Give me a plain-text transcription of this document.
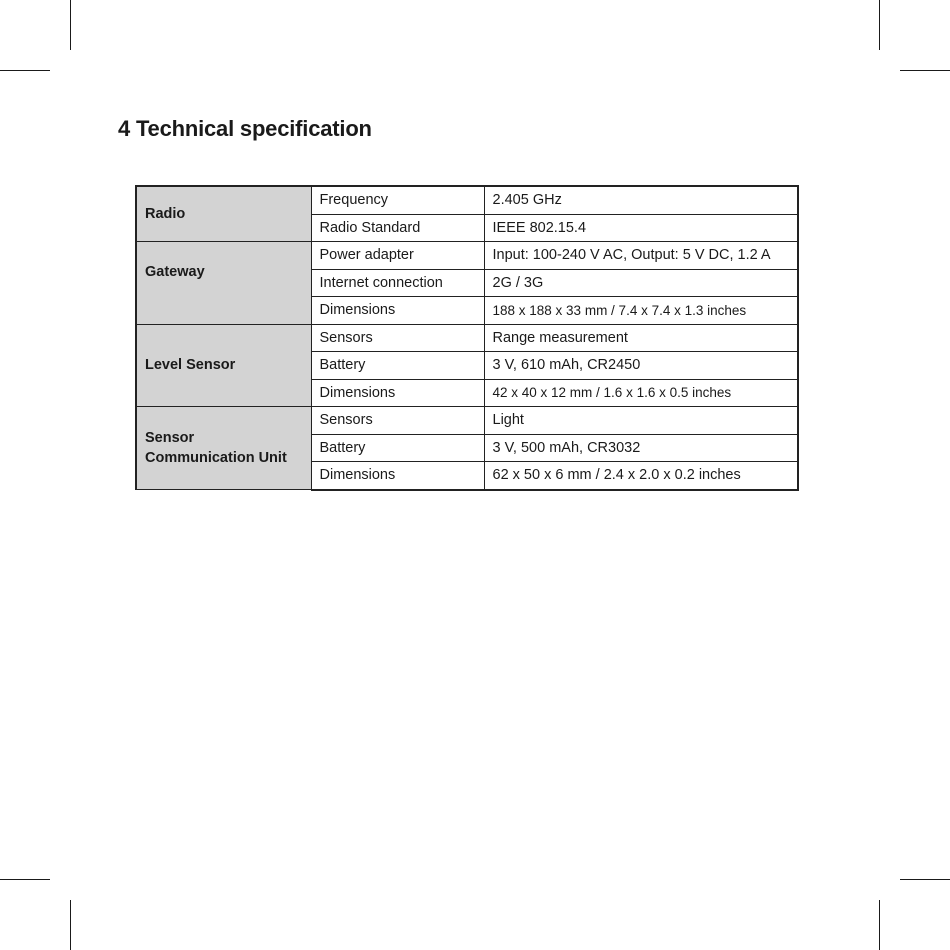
4 Technical specification
Radio	Frequency	2.405 GHz
	Radio Standard	IEEE 802.15.4

Gateway	Power adapter	Input: 100-240 V AC, Output: 5 V DC, 1.2 A
	Internet connection	2G / 3G
	Dimensions	188 x 188 x 33 mm / 7.4 x 7.4 x 1.3 inches

Level Sensor	Sensors	Range measurement
	Battery	3 V, 610 mAh, CR2450
	Dimensions	42 x 40 x 12 mm / 1.6 x 1.6 x 0.5 inches

Sensor
Communication Unit	Sensors	Light
	Battery	3 V, 500 mAh, CR3032
	Dimensions	62 x 50 x 6 mm / 2.4 x 2.0 x 0.2 inches
